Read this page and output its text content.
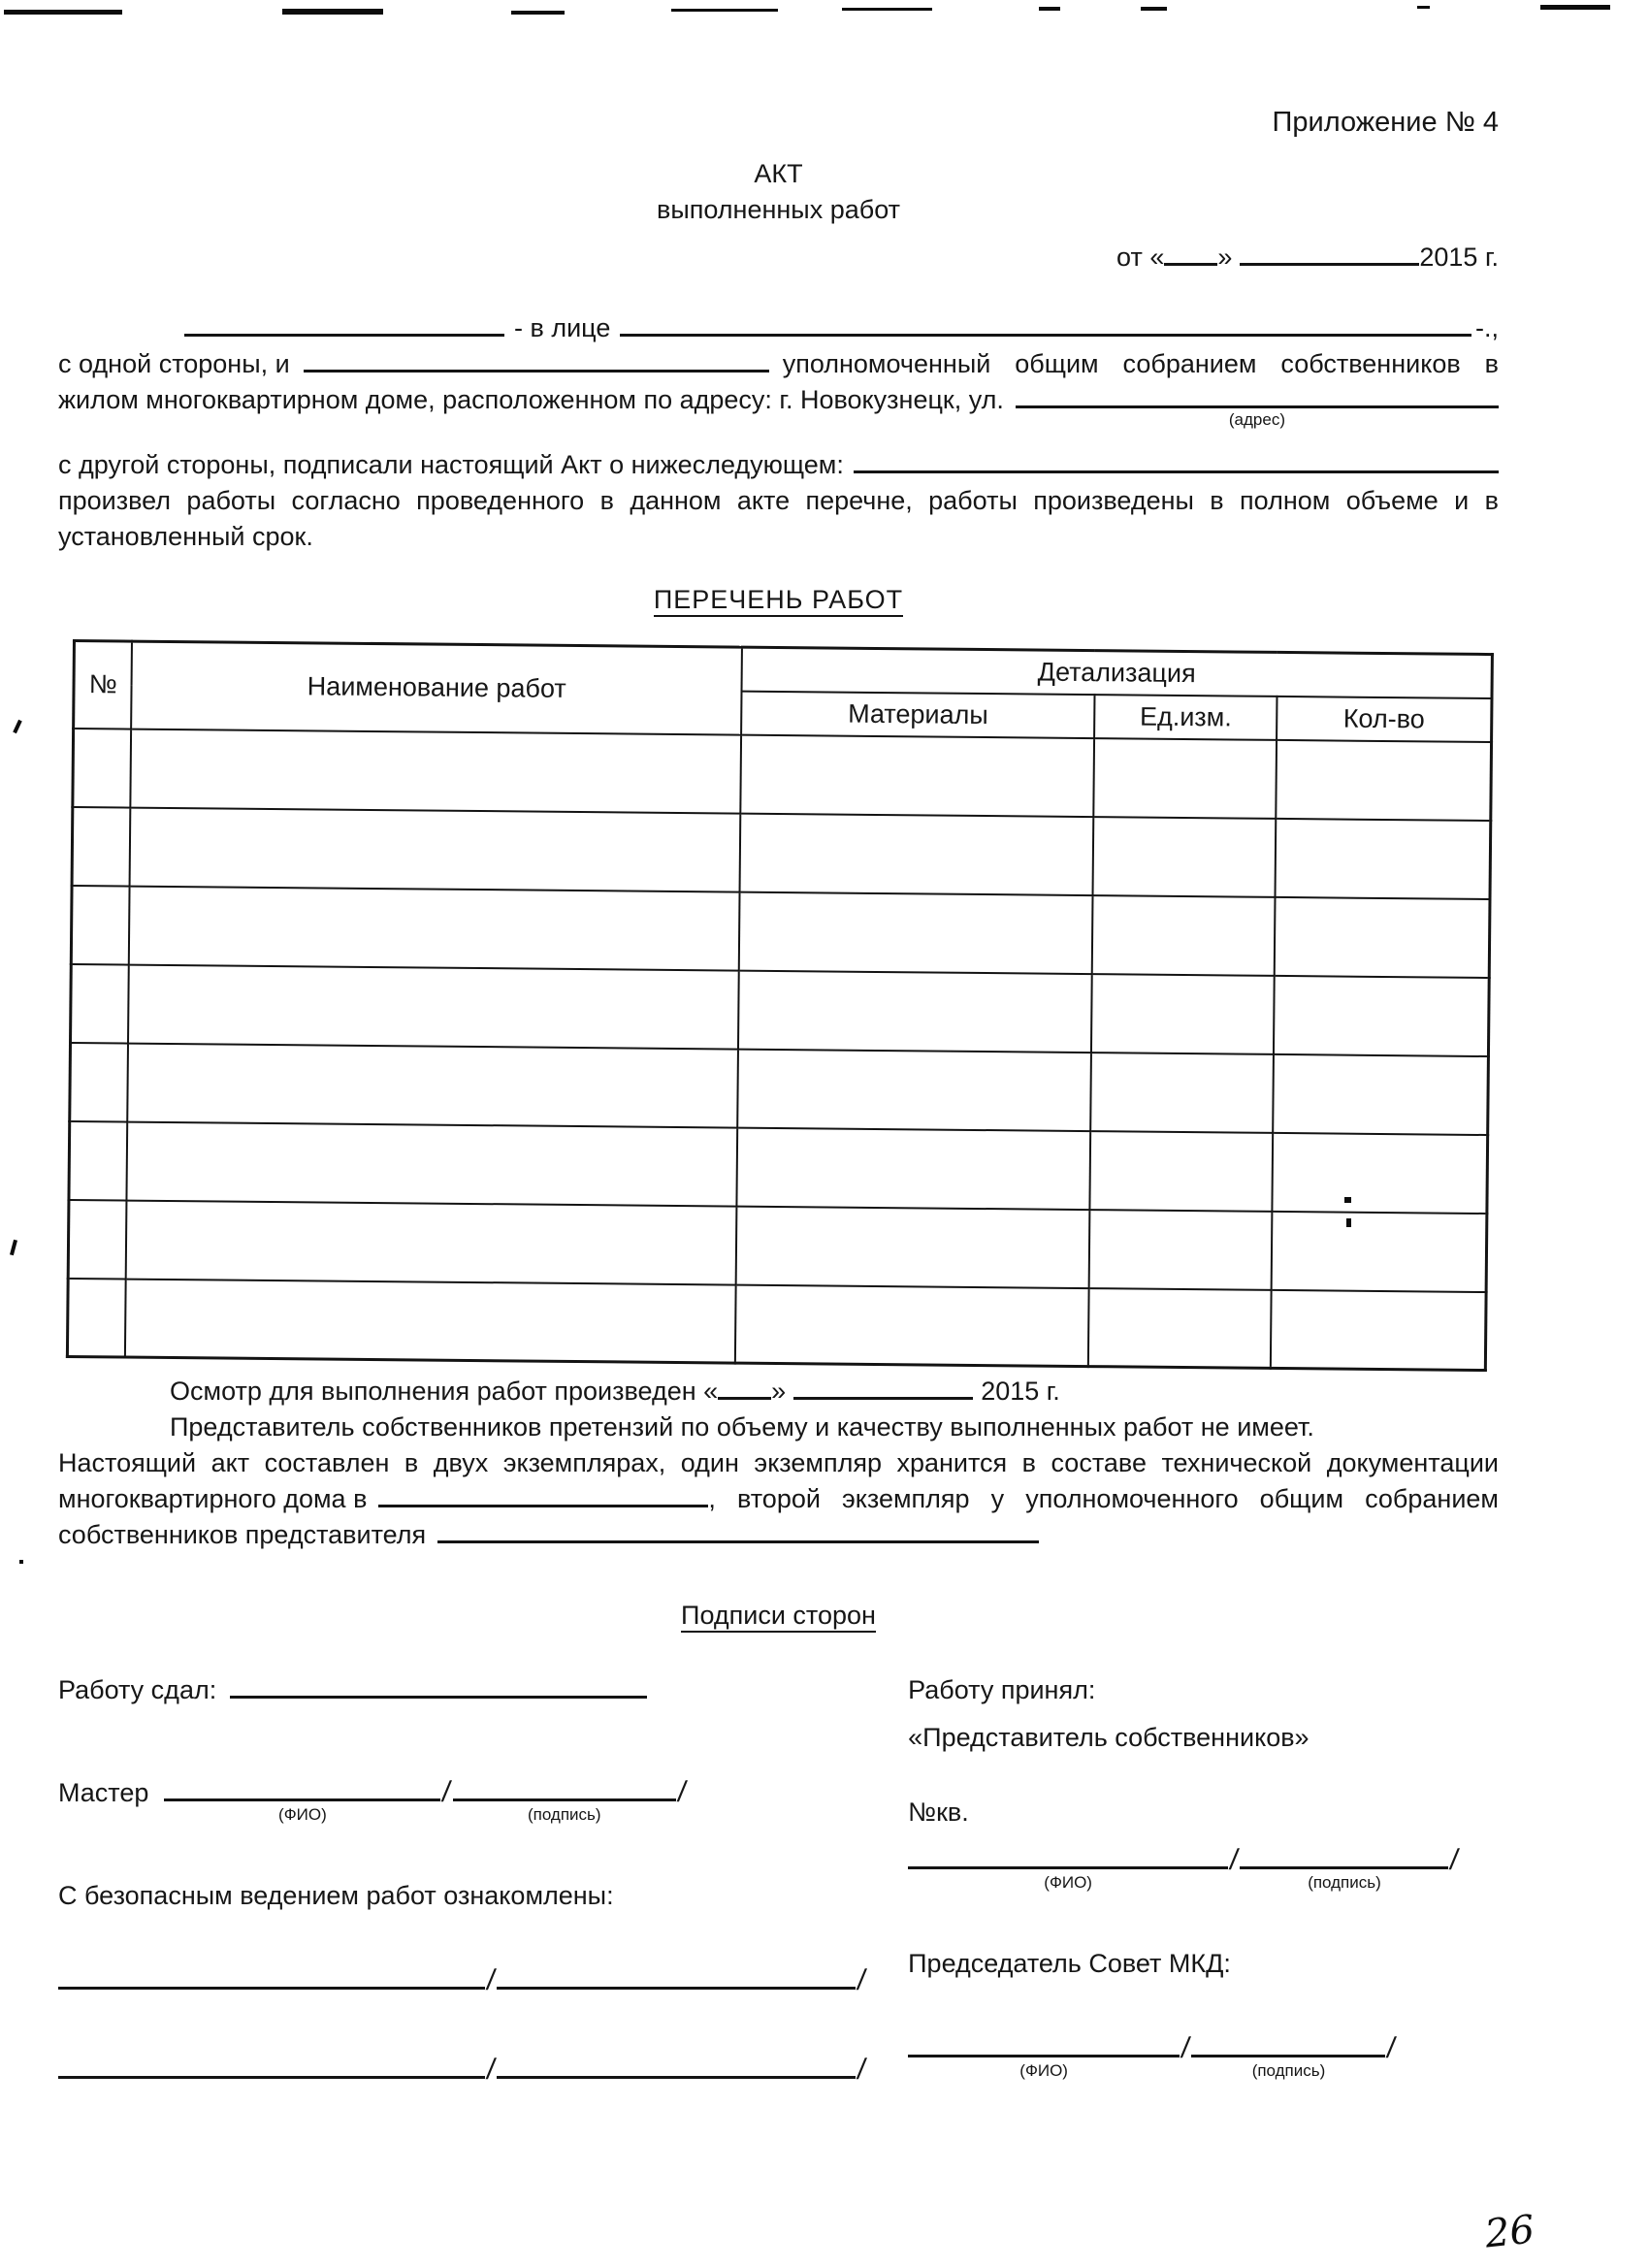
Приложение № 4
АКТ
выполненных работ
от « »	2015 г.
- в лице	-.,
с одной стороны, и	уполномоченный общим собранием собственников в
жилом многоквартирном доме, расположенном по адресу: г. Новокузнецк, ул.
(адрес)
с другой стороны, подписали настоящий Акт о нижеследующем:
произвел работы согласно проведенного в данном акте перечне, работы произведены в полном объеме и в
установленный срок.
ПЕРЕЧЕНЬ РАБОТ
№	Наименование работ	Детализация		
		Материалы	Ед.изм.	Кол-во

Осмотр для выполнения работ произведен « »	2015 г.
Представитель собственников претензий по объему и качеству выполненных работ не имеет.
Настоящий акт составлен в двух экземплярах, один экземпляр хранится в составе технической документации
многоквартирного дома в	, второй экземпляр у уполномоченного общим собранием
собственников представителя
Подписи сторон
Работу сдал:
Мастер
(ФИО)
/
(подпись)
/
С безопасным ведением работ ознакомлены:
/	/
/	/
Работу принял:
«Представитель собственников»
№кв.
(ФИО)
/
(подпись)
/
Председатель Совет МКД:
(ФИО)
/
(подпись)
/
26
